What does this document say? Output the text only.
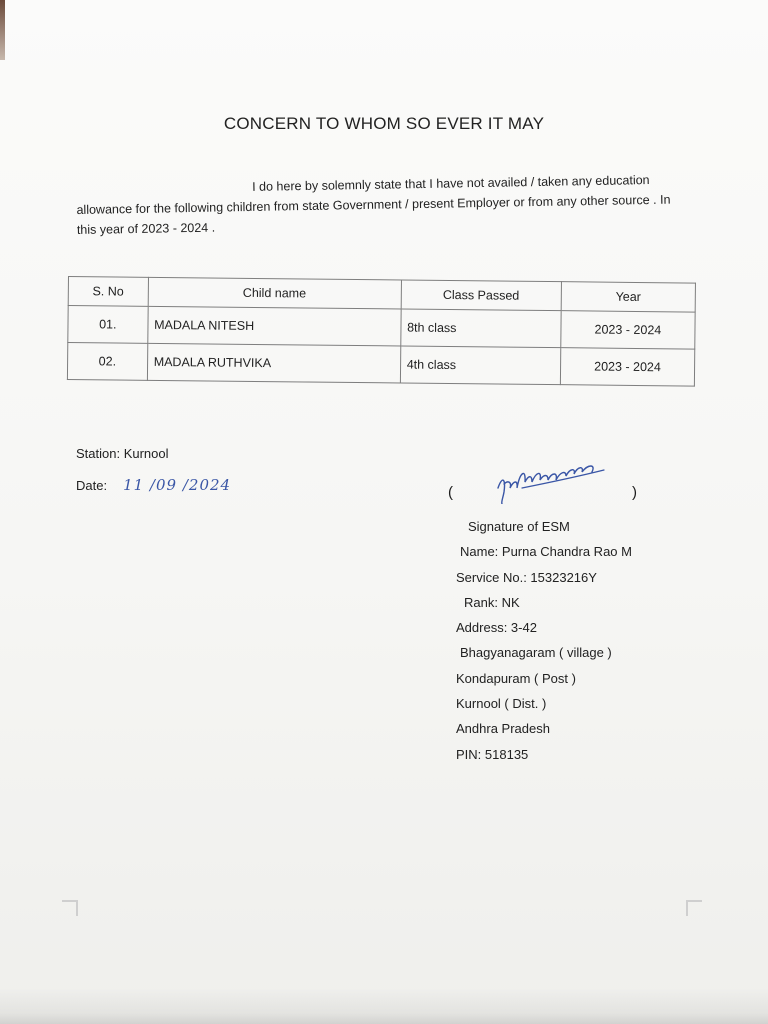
CONCERN TO WHOM SO EVER IT MAY
I do here by solemnly state that I have not availed / taken any education allowance for the following children from state Government / present Employer or from any other source . In this year of 2023 - 2024 .
S. No	Child name	Class Passed	Year
01.	MADALA NITESH	8th class	2023 - 2024
02.	MADALA RUTHVIKA	4th class	2023 - 2024
Station: Kurnool
Date: 11 /09 /2024	(	)
Signature of ESM
Name: Purna Chandra Rao M
Service No.: 15323216Y
Rank: NK
Address: 3-42
Bhagyanagaram ( village )
Kondapuram ( Post )
Kurnool ( Dist. )
Andhra Pradesh
PIN: 518135
